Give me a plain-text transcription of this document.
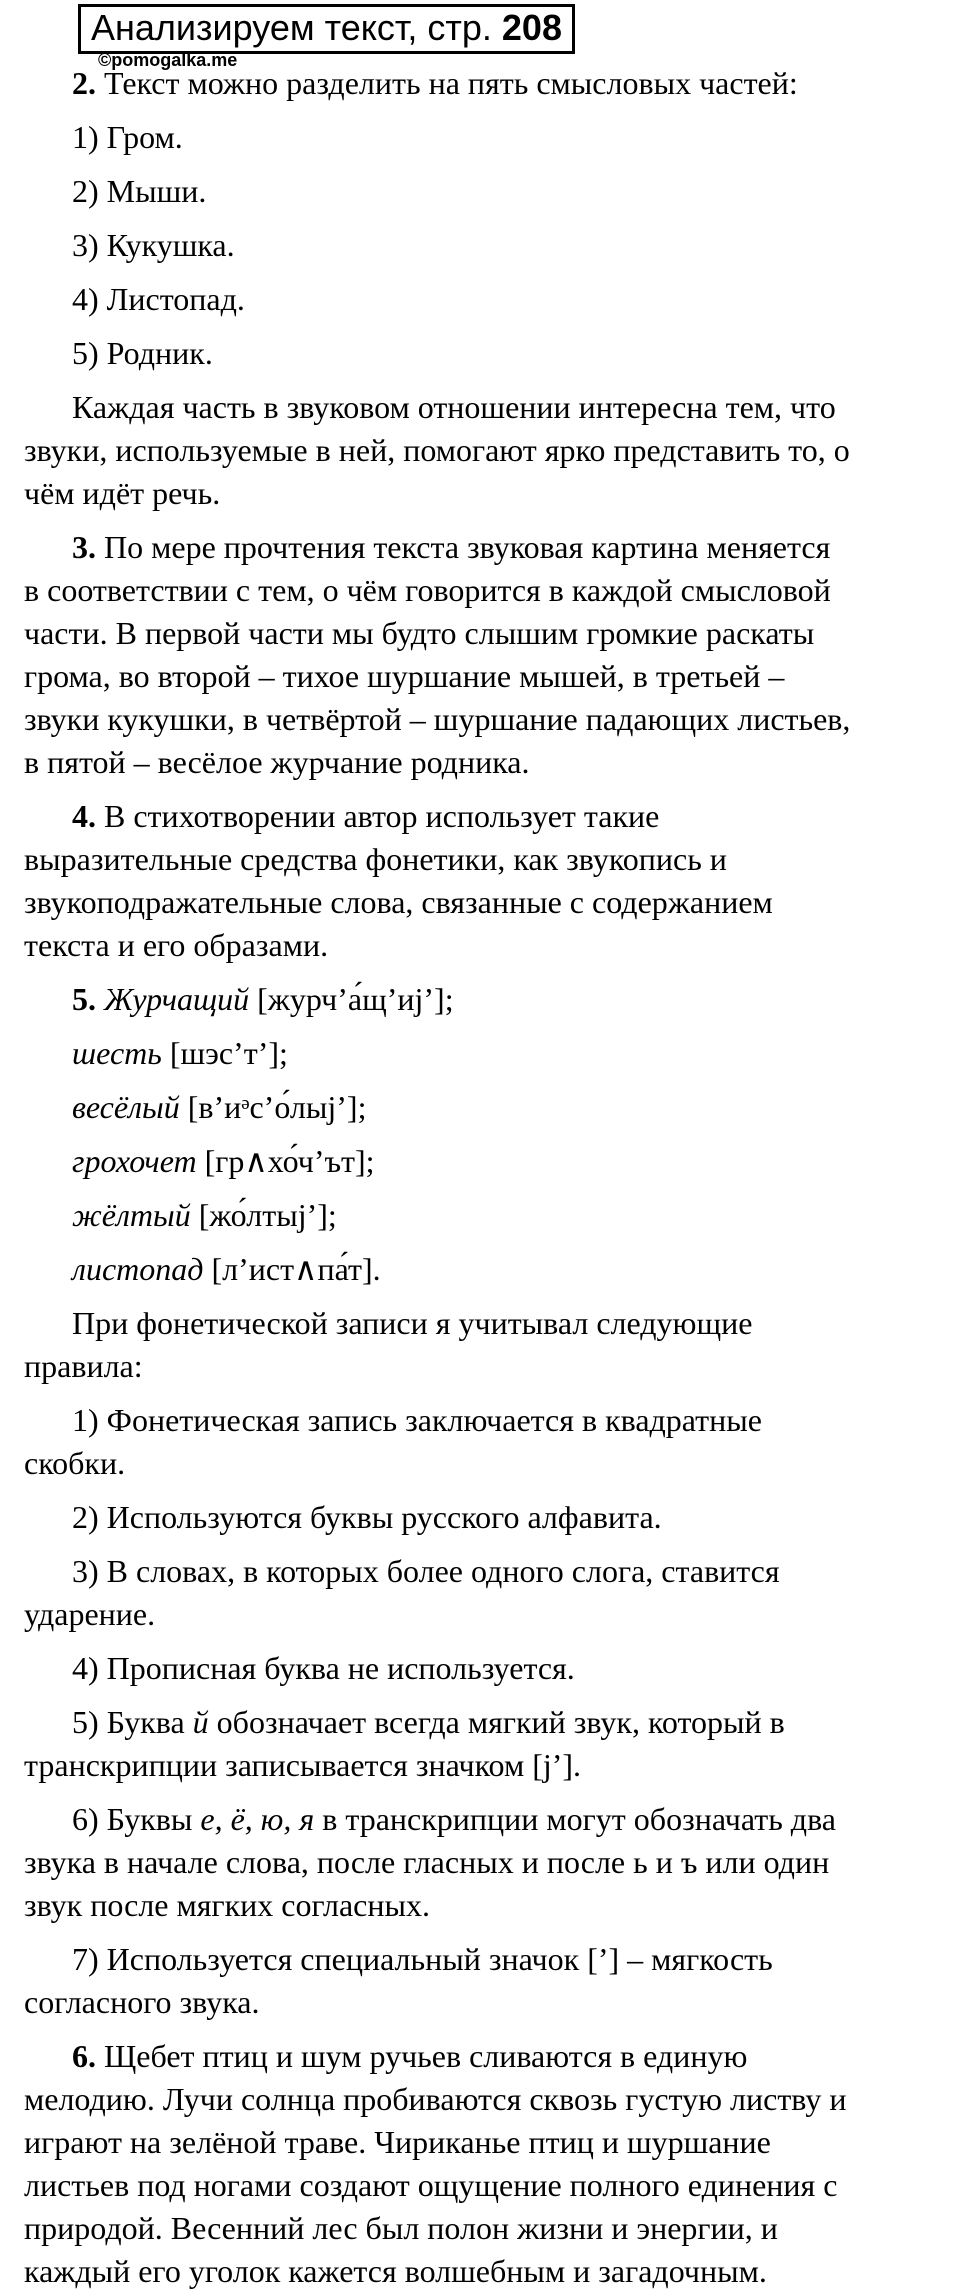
Анализируем текст, стр. 208
©pomogalka.me
2. Текст можно разделить на пять смысловых частей:
1) Гром.
2) Мыши.
3) Кукушка.
4) Листопад.
5) Родник.
Каждая часть в звуковом отношении интересна тем, что
звуки, используемые в ней, помогают ярко представить то, о
чём идёт речь.
3. По мере прочтения текста звуковая картина меняется
в соответствии с тем, о чём говорится в каждой смысловой
части. В первой части мы будто слышим громкие раскаты
грома, во второй – тихое шуршание мышей, в третьей –
звуки кукушки, в четвёртой – шуршание падающих листьев,
в пятой – весёлое журчание родника.
4. В стихотворении автор использует такие
выразительные средства фонетики, как звукопись и
звукоподражательные слова, связанные с содержанием
текста и его образами.
5. Журчащий [журч’а́щ’иj’];
шесть [шэс’т’];
весёлый [в’иᵊс’о́лыj’];
грохочет [гр∧хо́ч’ът];
жёлтый [жо́лтыj’];
листопад [л’ист∧па́т].
При фонетической записи я учитывал следующие
правила:
1) Фонетическая запись заключается в квадратные
скобки.
2) Используются буквы русского алфавита.
3) В словах, в которых более одного слога, ставится
ударение.
4) Прописная буква не используется.
5) Буква й обозначает всегда мягкий звук, который в
транскрипции записывается значком [j’].
6) Буквы е, ё, ю, я в транскрипции могут обозначать два
звука в начале слова, после гласных и после ь и ъ или один
звук после мягких согласных.
7) Используется специальный значок [’] – мягкость
согласного звука.
6. Щебет птиц и шум ручьев сливаются в единую
мелодию. Лучи солнца пробиваются сквозь густую листву и
играют на зелёной траве. Чириканье птиц и шуршание
листьев под ногами создают ощущение полного единения с
природой. Весенний лес был полон жизни и энергии, и
каждый его уголок кажется волшебным и загадочным.
